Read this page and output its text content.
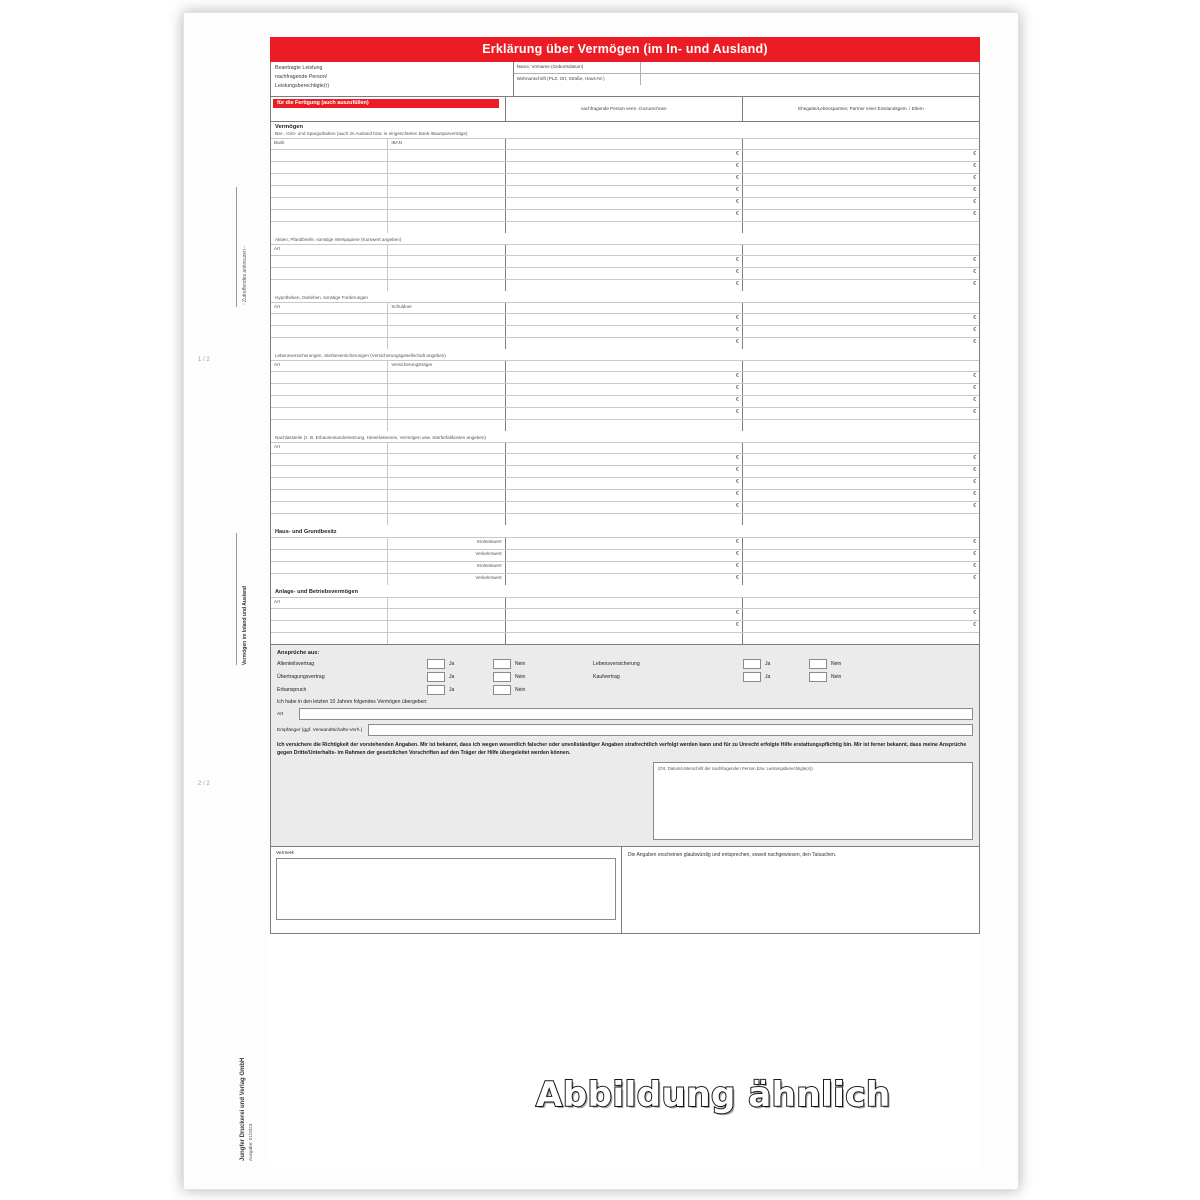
- Zutreffendes ankreuzen -
Vermögen im Inland und Ausland
Jungfer Druckerei und Verlag GmbH Ausgabe: 01/2023
1 / 2
2 / 2
Erklärung über Vermögen (im In- und Ausland)
Beantragte Leistung
nachfragende Person/
Leistungsberechtigte(r)
Name, Vorname (Geburtsdatum)
Wohnanschrift (PLZ, Ort, Straße, Haus-Nr.)
für die Fertigung (auch auszufüllen)
nachfragende Person verm.-/zuzurechnen	Ehegatte/Lebenspartner, Partner einer Einstandsgem. / Eltern
Vermögen
Bar-, Giro- und Sparguthaben (auch im Ausland bzw. in eingerichteten Bank-/Bausparverträge)
Bank	IBAN
€	€
€	€
€	€
€	€
€	€
€	€
Aktien, Pfandbriefe, sonstige Wertpapiere (Kurswert angeben)
Art
€	€
€	€
€	€
Hypotheken, Darlehen, sonstige Forderungen
Art	Schuldner
€	€
€	€
€	€
Lebensversicherungen, Sterbeversicherungen (Versicherungsgesellschaft angeben)
Art	Versicherungsträger
€	€
€	€
€	€
€	€
Nachlassteile (z. B. Erbauseinandersetzung, Hinterlassenes, Vermögen usw. Sterbefallkosten angeben)
Art
€	€
€	€
€	€
€	€
€	€
Haus- und Grundbesitz
Einheitswert	€	€
Verkehrswert	€	€
Einheitswert	€	€
Verkehrswert	€	€
Anlage- und Betriebsvermögen
Art
€	€
€	€
Ansprüche aus:
Altenteilsvertrag	Ja	Nein	Lebensversicherung	Ja	Nein
Übertragungsvertrag	Ja	Nein	Kaufvertrag	Ja	Nein
Erbanspruch	Ja	Nein
Ich habe in den letzten 10 Jahren folgendes Vermögen übergeben:
Art
Empfänger (ggf. Verwandtschafts-Verh.)
Ich versichere die Richtigkeit der vorstehenden Angaben. Mir ist bekannt, dass ich wegen wesentlich falscher oder unvollständiger Angaben strafrechtlich verfolgt werden kann und für zu Unrecht erfolgte Hilfe erstattungspflichtig bin. Mir ist ferner bekannt, dass meine Ansprüche gegen Dritte/Unterhalts- im Rahmen der gesetzlichen Vorschriften auf den Träger der Hilfe übergeleitet werden können.
(Ort, Datum/Unterschrift der nachfragenden Person bzw. Leistungsberechtigte(n))
Vermerk	Die Angaben erscheinen glaubwürdig und entsprechen, soweit nachgewiesen, den Tatsachen.
Abbildung ähnlich
